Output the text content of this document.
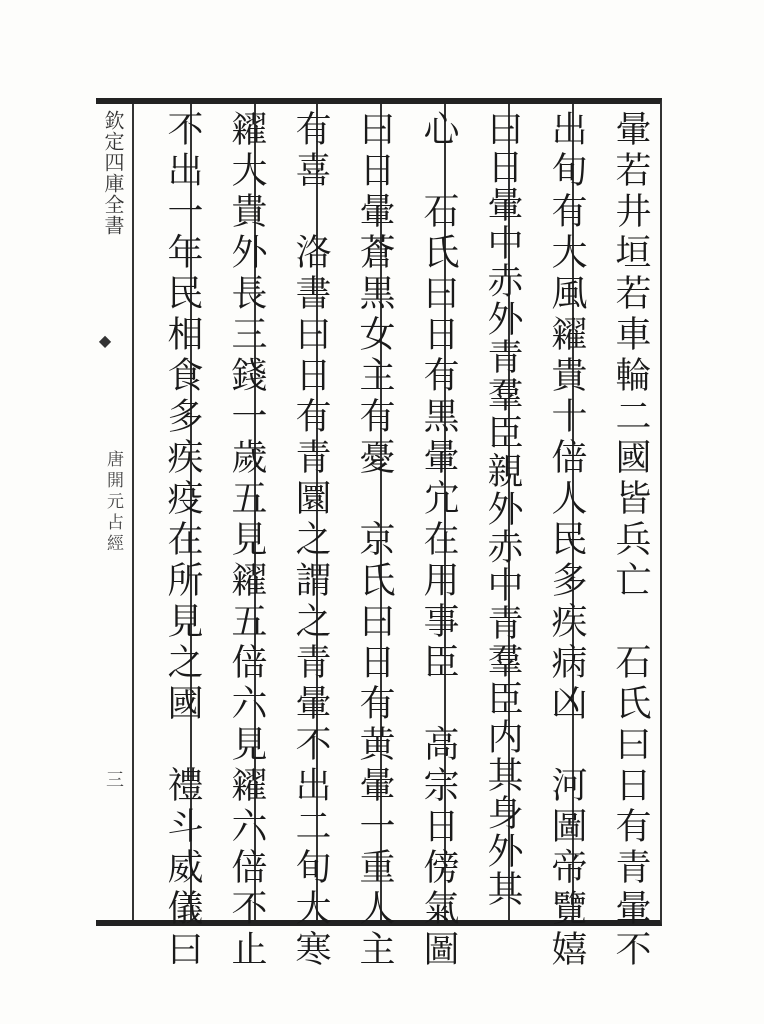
欽定四庫全書
◆
唐開元占經
三	暈若井垣若車輪二國皆兵亡　石氏曰日有青暈不
出旬有大風糴貴十倍人民多疾病凶　河圖帝覽嬉
曰日暈中赤外青羣臣親外赤中青羣臣内其身外其
心　石氏曰日有黒暈宂在用事臣　高宗日傍氣圖
曰日暈蒼黒女主有憂　京氏曰日有黄暈一重人主
有喜　洛書曰日有青圜之謂之青暈不出二旬大寒
糴大貴外長三錢一歲五見糴五倍六見糴六倍不止
不出一年民相食多疾疫在所見之國　禮斗威儀曰
